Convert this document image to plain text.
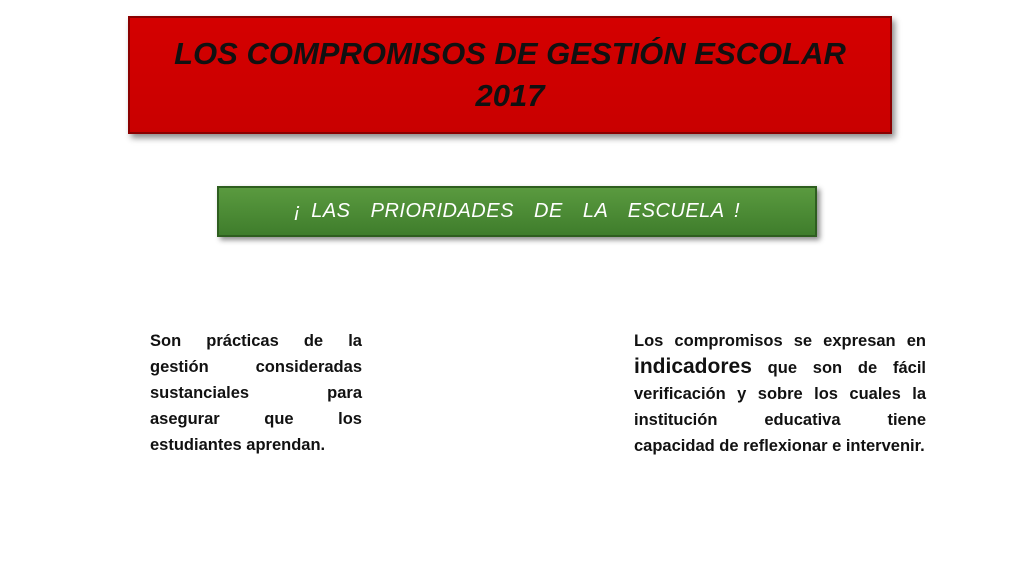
LOS COMPROMISOS DE GESTIÓN ESCOLAR
2017
¡ LAS  PRIORIDADES  DE  LA  ESCUELA !
Son prácticas de la gestión consideradas sustanciales para asegurar que los estudiantes aprendan.
Los compromisos se expresan en indicadores que son de fácil verificación y sobre los cuales la institución educativa tiene capacidad de reflexionar e intervenir.
